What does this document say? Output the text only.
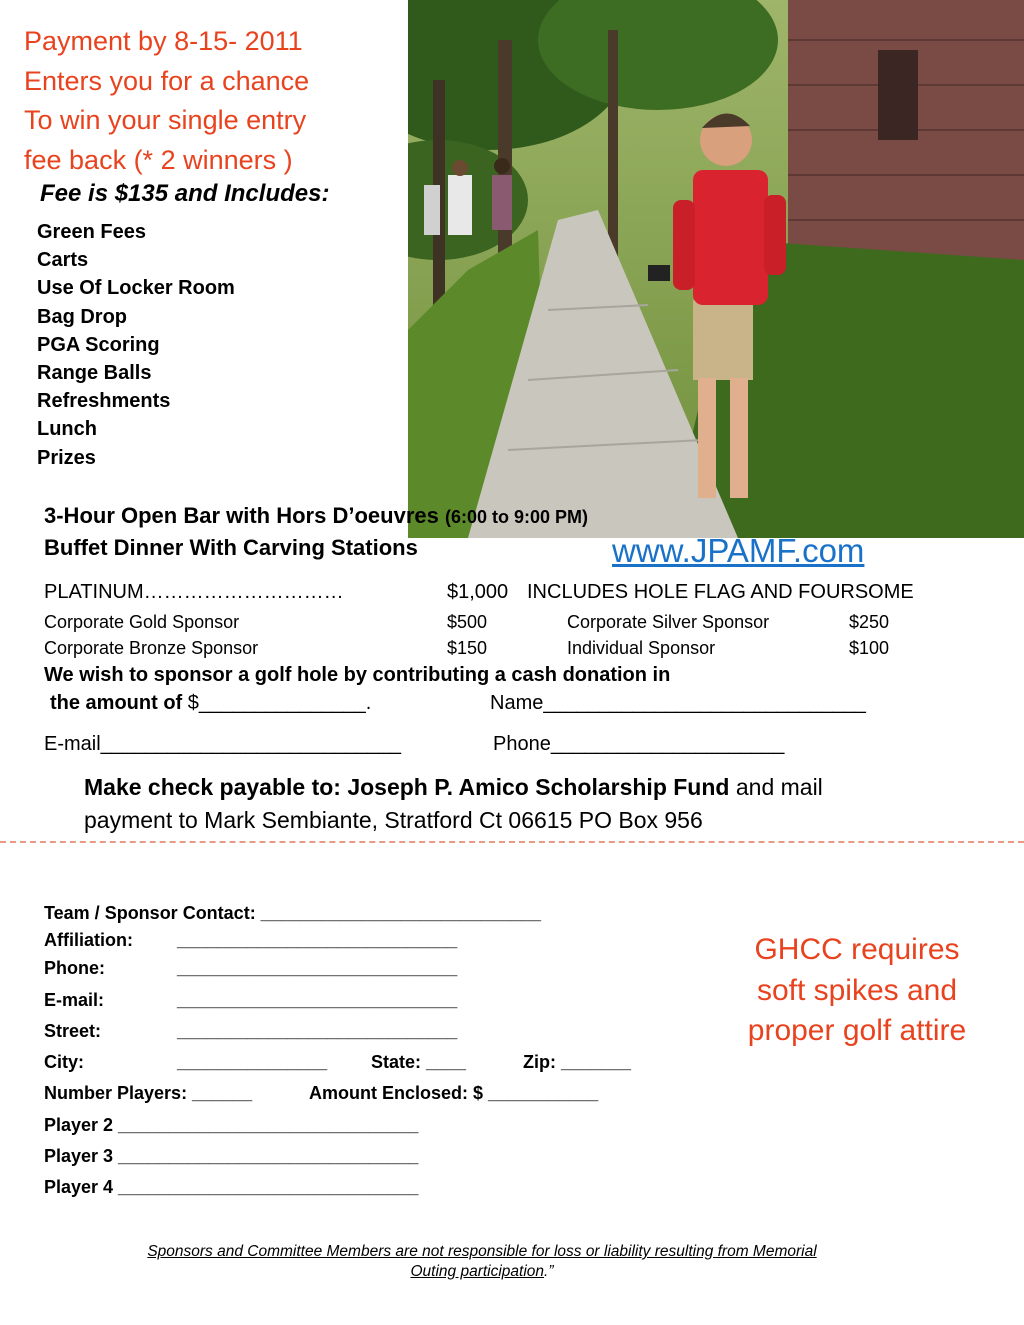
Payment by 8-15- 2011
Enters you for a chance
To win your single entry
fee back (* 2 winners )
Fee is $135 and Includes:
Green Fees
Carts
Use Of Locker Room
Bag Drop
PGA Scoring
Range Balls
Refreshments
Lunch
Prizes
3-Hour Open Bar with Hors D’oeuvres (6:00 to 9:00 PM)
Buffet Dinner With Carving Stations	www.JPAMF.com
PLATINUM…………………………	$1,000 INCLUDES HOLE FLAG AND FOURSOME
Corporate Gold Sponsor	$500	Corporate Silver Sponsor	$250
Corporate Bronze Sponsor	$150	Individual Sponsor	$100
We wish to sponsor a golf hole by contributing a cash donation in
the amount of $_______________.	Name_____________________________
E-mail___________________________	Phone_____________________
Make check payable to: Joseph P. Amico Scholarship Fund and mail
payment to Mark Sembiante, Stratford Ct 06615 PO Box 956
Team / Sponsor Contact: ____________________________
Affiliation: ____________________________
Phone:	____________________________
E-mail:	____________________________
Street:	____________________________
City:	_______________ State: ____	Zip: _______
Number Players: ______	Amount Enclosed: $ ___________
Player 2 ______________________________
Player 3 ______________________________
Player 4 ______________________________
GHCC requires
soft spikes and
proper golf attire
Sponsors and Committee Members are not responsible for loss or liability resulting from Memorial
Outing participation.”
